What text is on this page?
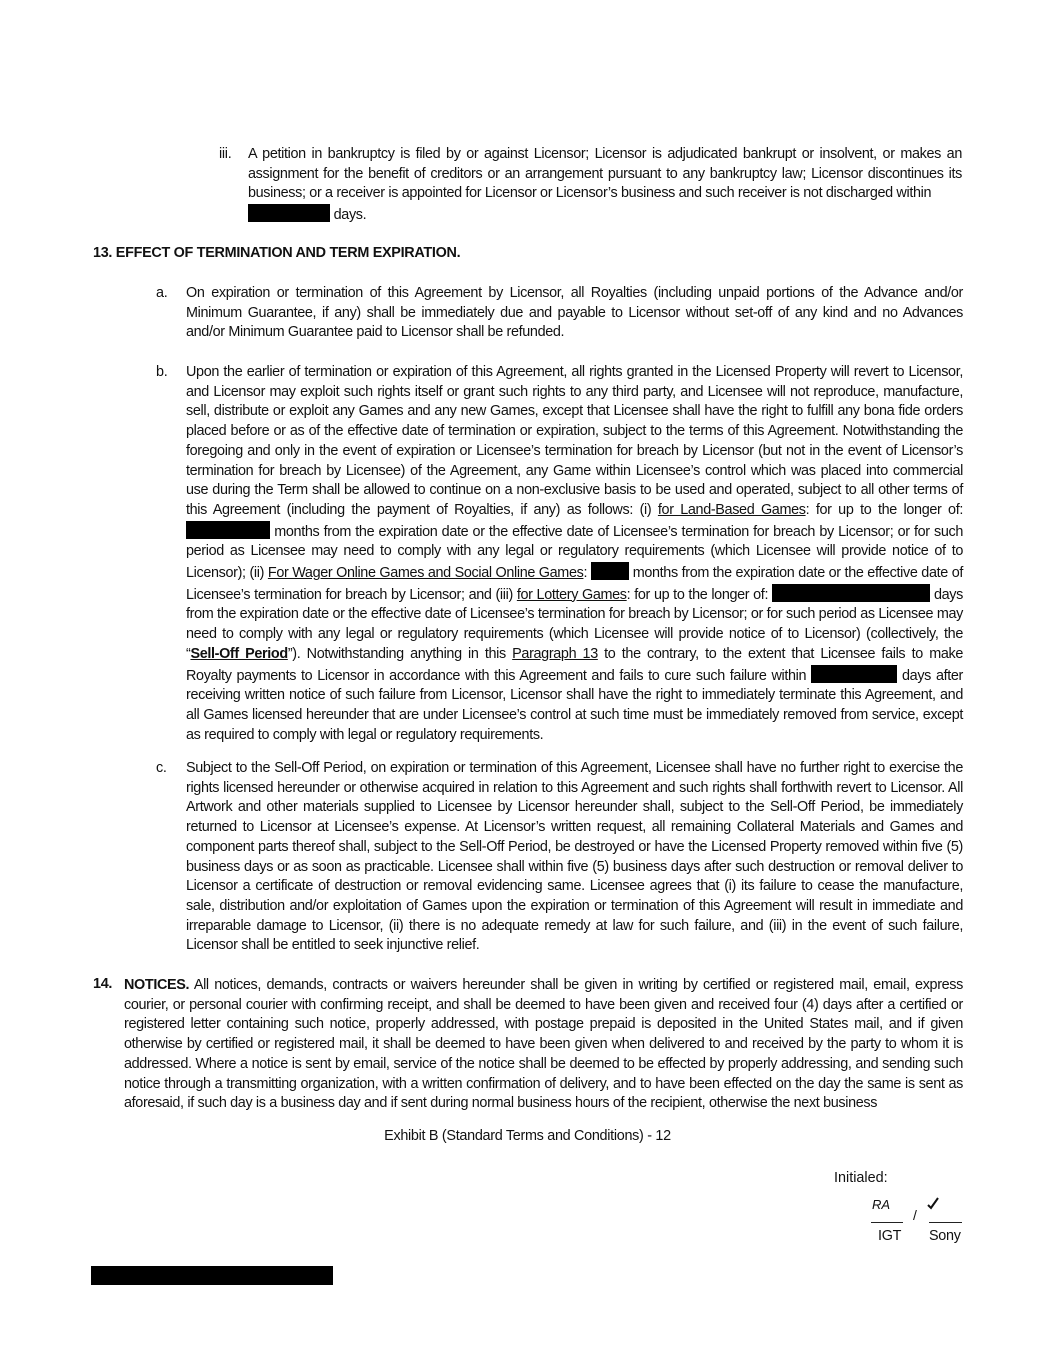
iii. A petition in bankruptcy is filed by or against Licensor; Licensor is adjudicated bankrupt or insolvent, or makes an assignment for the benefit of creditors or an arrangement pursuant to any bankruptcy law; Licensor discontinues its business; or a receiver is appointed for Licensor or Licensor’s business and such receiver is not discharged within
days.
13. EFFECT OF TERMINATION AND TERM EXPIRATION.
a. On expiration or termination of this Agreement by Licensor, all Royalties (including unpaid portions of the Advance and/or Minimum Guarantee, if any) shall be immediately due and payable to Licensor without set-off of any kind and no Advances and/or Minimum Guarantee paid to Licensor shall be refunded.
b. Upon the earlier of termination or expiration of this Agreement, all rights granted in the Licensed Property will revert to Licensor, and Licensor may exploit such rights itself or grant such rights to any third party, and Licensee will not reproduce, manufacture, sell, distribute or exploit any Games and any new Games, except that Licensee shall have the right to fulfill any bona fide orders placed before or as of the effective date of termination or expiration, subject to the terms of this Agreement. Notwithstanding the foregoing and only in the event of expiration or Licensee’s termination for breach by Licensor (but not in the event of Licensor’s termination for breach by Licensee) of the Agreement, any Game within Licensee’s control which was placed into commercial use during the Term shall be allowed to continue on a non-exclusive basis to be used and operated, subject to all other terms of this Agreement (including the payment of Royalties, if any) as follows: (i) for Land-Based Games: for up to the longer of:  months from the expiration date or the effective date of Licensee’s termination for breach by Licensor; or for such period as Licensee may need to comply with any legal or regulatory requirements (which Licensee will provide notice of to Licensor); (ii) For Wager Online Games and Social Online Games:	months from the expiration date or the effective date of Licensee’s termination for breach by Licensor; and (iii) for Lottery Games: for up to the longer of:	days from the expiration date or the effective date of Licensee’s termination for breach by Licensor; or for such period as Licensee may need to comply with any legal or regulatory requirements (which Licensee will provide notice of to Licensor) (collectively, the “Sell-Off Period”). Notwithstanding anything in this Paragraph 13 to the contrary, to the extent that Licensee fails to make Royalty payments to Licensor in accordance with this Agreement and fails to cure such failure within	days after receiving written notice of such failure from Licensor, Licensor shall have the right to immediately terminate this Agreement, and all Games licensed hereunder that are under Licensee’s control at such time must be immediately removed from service, except as required to comply with legal or regulatory requirements.
c. Subject to the Sell-Off Period, on expiration or termination of this Agreement, Licensee shall have no further right to exercise the rights licensed hereunder or otherwise acquired in relation to this Agreement and such rights shall forthwith revert to Licensor. All Artwork and other materials supplied to Licensee by Licensor hereunder shall, subject to the Sell-Off Period, be immediately returned to Licensor at Licensee’s expense. At Licensor’s written request, all remaining Collateral Materials and Games and component parts thereof shall, subject to the Sell-Off Period, be destroyed or have the Licensed Property removed within five (5) business days or as soon as practicable. Licensee shall within five (5) business days after such destruction or removal deliver to Licensor a certificate of destruction or removal evidencing same. Licensee agrees that (i) its failure to cease the manufacture, sale, distribution and/or exploitation of Games upon the expiration or termination of this Agreement will result in immediate and irreparable damage to Licensor, (ii) there is no adequate remedy at law for such failure, and (iii) in the event of such failure, Licensor shall be entitled to seek injunctive relief.
14. NOTICES. All notices, demands, contracts or waivers hereunder shall be given in writing by certified or registered mail, email, express courier, or personal courier with confirming receipt, and shall be deemed to have been given and received four (4) days after a certified or registered letter containing such notice, properly addressed, with postage prepaid is deposited in the United States mail, and if given otherwise by certified or registered mail, it shall be deemed to have been given when delivered to and received by the party to whom it is addressed. Where a notice is sent by email, service of the notice shall be deemed to be effected by properly addressing, and sending such notice through a transmitting organization, with a written confirmation of delivery, and to have been effected on the day the same is sent as aforesaid, if such day is a business day and if sent during normal business hours of the recipient, otherwise the next business
Exhibit B (Standard Terms and Conditions) - 12
Initialed:
RA
/
IGT Sony
